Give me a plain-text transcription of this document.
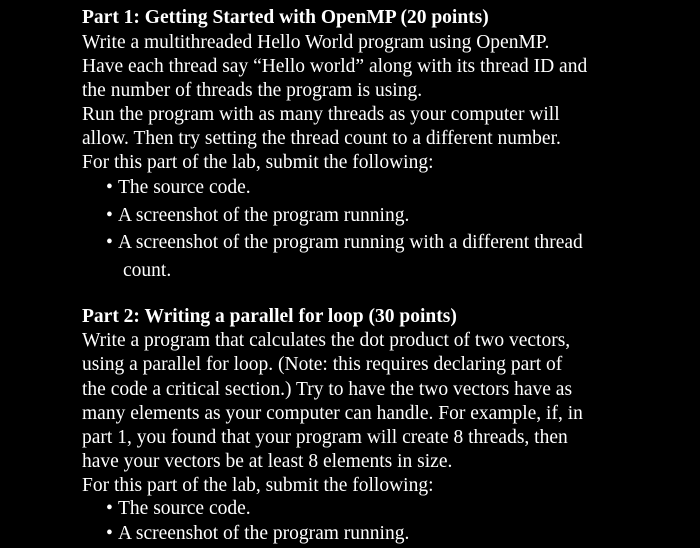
Part 1: Getting Started with OpenMP (20 points)
Write a multithreaded Hello World program using OpenMP.
Have each thread say “Hello world” along with its thread ID and
the number of threads the program is using.
Run the program with as many threads as your computer will
allow. Then try setting the thread count to a different number.
For this part of the lab, submit the following:
• The source code.
• A screenshot of the program running.
• A screenshot of the program running with a different thread
count.
Part 2: Writing a parallel for loop (30 points)
Write a program that calculates the dot product of two vectors,
using a parallel for loop. (Note: this requires declaring part of
the code a critical section.) Try to have the two vectors have as
many elements as your computer can handle. For example, if, in
part 1, you found that your program will create 8 threads, then
have your vectors be at least 8 elements in size.
For this part of the lab, submit the following:
• The source code.
• A screenshot of the program running.
